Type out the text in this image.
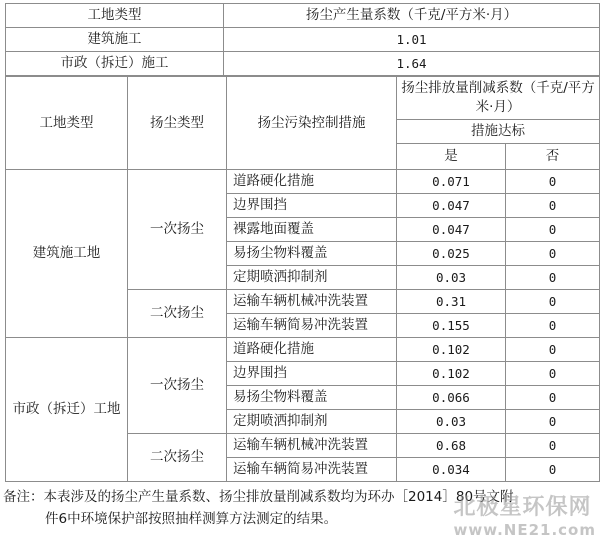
工地类型	扬尘产生量系数（千克/平方米·月）
建筑施工	1.01
市政（拆迁）施工	1.64
工地类型	扬尘类型	扬尘污染控制措施	扬尘排放量削减系数（千克/平方米·月）	
			措施达标	
			是	否
建筑施工地	一次扬尘	道路硬化措施	0.071	0
		边界围挡	0.047	0
		裸露地面覆盖	0.047	0
		易扬尘物料覆盖	0.025	0
		定期喷洒抑制剂	0.03	0
	二次扬尘	运输车辆机械冲洗装置	0.31	0
		运输车辆简易冲洗装置	0.155	0
市政（拆迁）工地	一次扬尘	道路硬化措施	0.102	0
		边界围挡	0.102	0
		易扬尘物料覆盖	0.066	0
		定期喷洒抑制剂	0.03	0
	二次扬尘	运输车辆机械冲洗装置	0.68	0
		运输车辆简易冲洗装置	0.034	0
备注：本表涉及的扬尘产生量系数、扬尘排放量削减系数均为环办［2014］80号文附
件6中环境保护部按照抽样测算方法测定的结果。	北极星环保网
www.NE21.com
